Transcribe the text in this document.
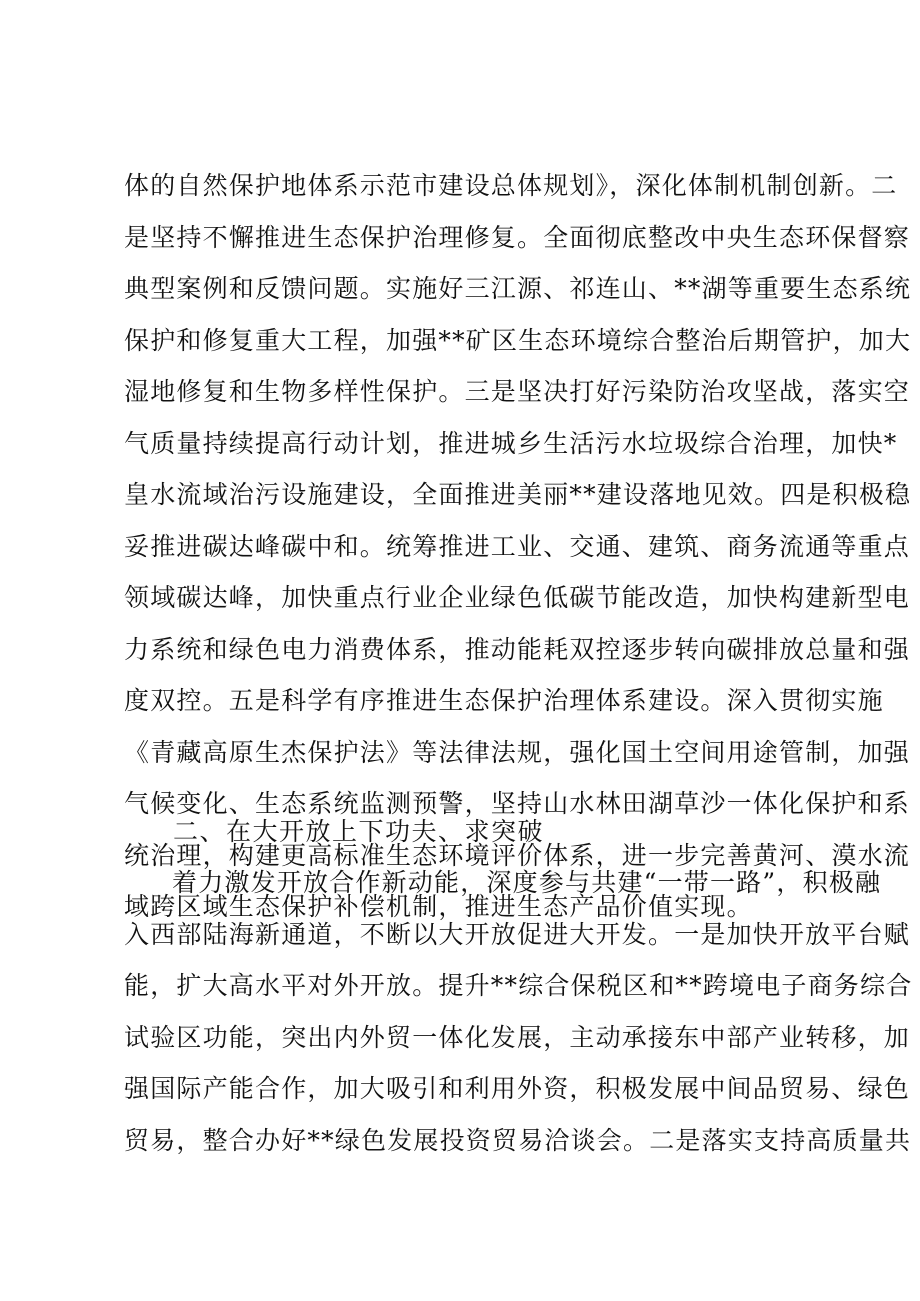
体的自然保护地体系示范市建设总体规划》，深化体制机制创新。二
是坚持不懈推进生态保护治理修复。全面彻底整改中央生态环保督察
典型案例和反馈问题。实施好三江源、祁连山、**湖等重要生态系统
保护和修复重大工程，加强**矿区生态环境综合整治后期管护，加大
湿地修复和生物多样性保护。三是坚决打好污染防治攻坚战，落实空
气质量持续提高行动计划，推进城乡生活污水垃圾综合治理，加快*
皇水流域治污设施建设，全面推进美丽**建设落地见效。四是积极稳
妥推进碳达峰碳中和。统筹推进工业、交通、建筑、商务流通等重点
领域碳达峰，加快重点行业企业绿色低碳节能改造，加快构建新型电
力系统和绿色电力消费体系，推动能耗双控逐步转向碳排放总量和强
度双控。五是科学有序推进生态保护治理体系建设。深入贯彻实施
《青藏高原生杰保护法》等法律法规，强化国土空间用途管制，加强
气候变化、生态系统监测预警，坚持山水林田湖草沙一体化保护和系
统治理，构建更高标准生态环境评价体系，进一步完善黄河、漠水流
域跨区域生态保护补偿机制，推进生态产品价值实现。
二、在大开放上下功夫、求突破
着力激发开放合作新动能，深度参与共建“一带一路”，积极融
入西部陆海新通道，不断以大开放促进大开发。一是加快开放平台赋
能，扩大高水平对外开放。提升**综合保税区和**跨境电子商务综合
试验区功能，突出内外贸一体化发展，主动承接东中部产业转移，加
强国际产能合作，加大吸引和利用外资，积极发展中间品贸易、绿色
贸易，整合办好**绿色发展投资贸易洽谈会。二是落实支持高质量共
